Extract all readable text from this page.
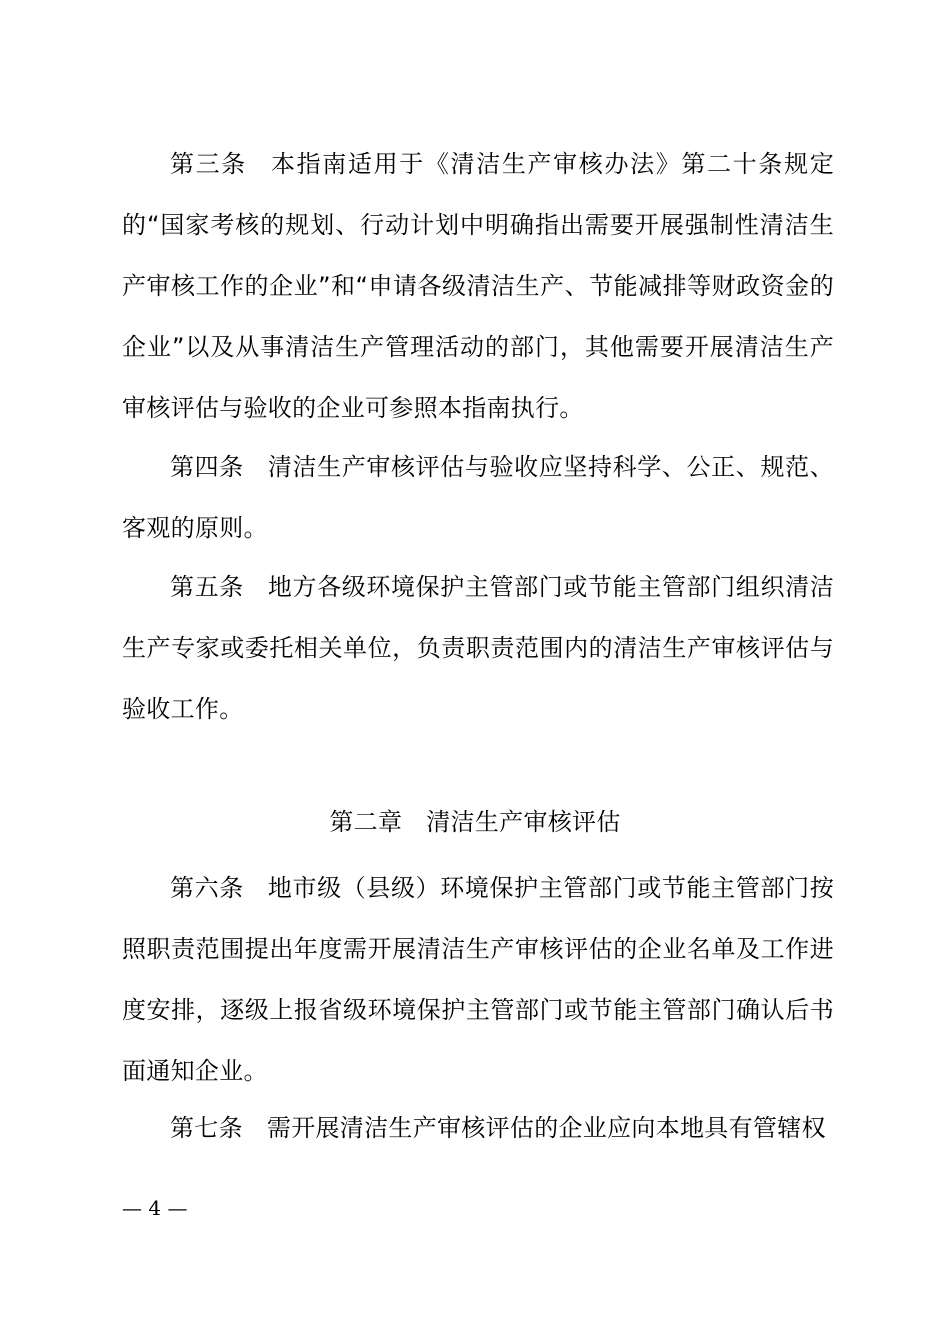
第三条 本指南适用于《清洁生产审核办法》第二十条规定的“国家考核的规划、行动计划中明确指出需要开展强制性清洁生产审核工作的企业”和“申请各级清洁生产、节能减排等财政资金的企业”以及从事清洁生产管理活动的部门，其他需要开展清洁生产审核评估与验收的企业可参照本指南执行。

第四条 清洁生产审核评估与验收应坚持科学、公正、规范、客观的原则。

第五条 地方各级环境保护主管部门或节能主管部门组织清洁生产专家或委托相关单位，负责职责范围内的清洁生产审核评估与验收工作。

第二章 清洁生产审核评估

第六条 地市级（县级）环境保护主管部门或节能主管部门按照职责范围提出年度需开展清洁生产审核评估的企业名单及工作进度安排，逐级上报省级环境保护主管部门或节能主管部门确认后书面通知企业。

第七条 需开展清洁生产审核评估的企业应向本地具有管辖权

— 4 —
